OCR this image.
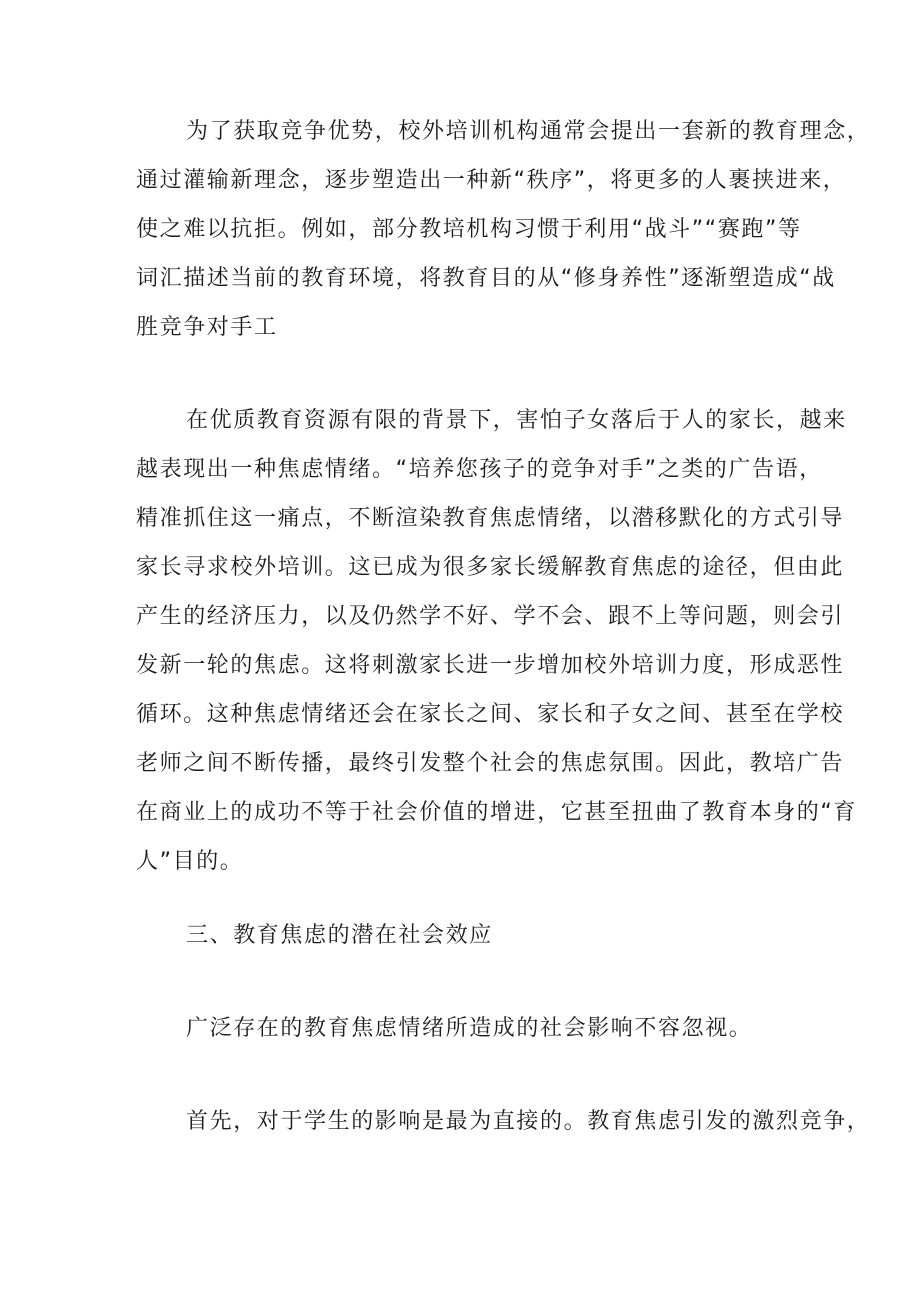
为了获取竞争优势，校外培训机构通常会提出一套新的教育理念，
通过灌输新理念，逐步塑造出一种新“秩序”，将更多的人裹挟进来，
使之难以抗拒。例如，部分教培机构习惯于利用“战斗”“赛跑”等
词汇描述当前的教育环境，将教育目的从“修身养性”逐渐塑造成“战
胜竞争对手工
在优质教育资源有限的背景下，害怕子女落后于人的家长，越来
越表现出一种焦虑情绪。“培养您孩子的竞争对手”之类的广告语，
精准抓住这一痛点，不断渲染教育焦虑情绪，以潜移默化的方式引导
家长寻求校外培训。这已成为很多家长缓解教育焦虑的途径，但由此
产生的经济压力，以及仍然学不好、学不会、跟不上等问题，则会引
发新一轮的焦虑。这将刺激家长进一步增加校外培训力度，形成恶性
循环。这种焦虑情绪还会在家长之间、家长和子女之间、甚至在学校
老师之间不断传播，最终引发整个社会的焦虑氛围。因此，教培广告
在商业上的成功不等于社会价值的增进，它甚至扭曲了教育本身的“育
人”目的。
三、教育焦虑的潜在社会效应
广泛存在的教育焦虑情绪所造成的社会影响不容忽视。
首先，对于学生的影响是最为直接的。教育焦虑引发的激烈竞争，
